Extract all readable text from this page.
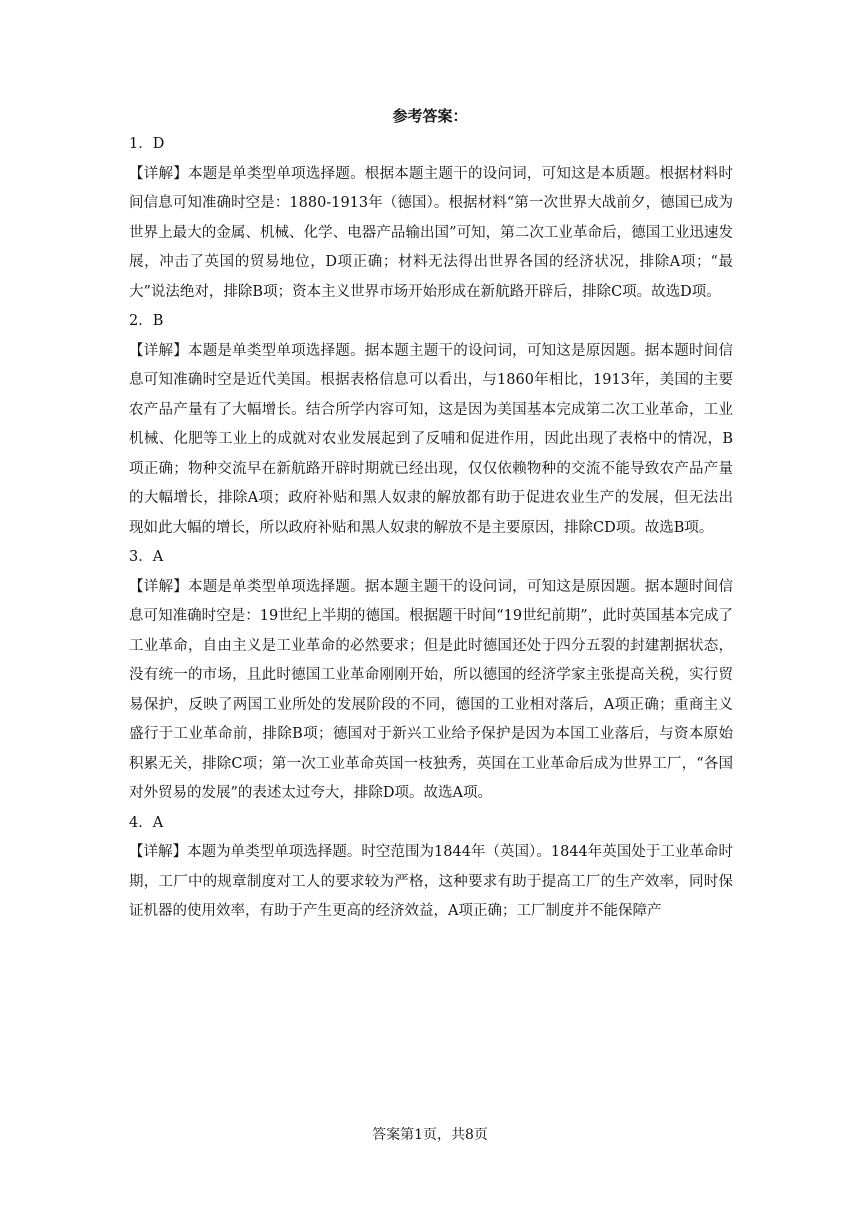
参考答案：

1．D

【详解】本题是单类型单项选择题。根据本题主题干的设问词，可知这是本质题。根据材料时间信息可知准确时空是：1880-1913年（德国）。根据材料“第一次世界大战前夕，德国已成为世界上最大的金属、机械、化学、电器产品输出国”可知，第二次工业革命后，德国工业迅速发展，冲击了英国的贸易地位，D项正确；材料无法得出世界各国的经济状况，排除A项；“最大”说法绝对，排除B项；资本主义世界市场开始形成在新航路开辟后，排除C项。故选D项。

2．B

【详解】本题是单类型单项选择题。据本题主题干的设问词，可知这是原因题。据本题时间信息可知准确时空是近代美国。根据表格信息可以看出，与1860年相比，1913年，美国的主要农产品产量有了大幅增长。结合所学内容可知，这是因为美国基本完成第二次工业革命，工业机械、化肥等工业上的成就对农业发展起到了反哺和促进作用，因此出现了表格中的情况，B项正确；物种交流早在新航路开辟时期就已经出现，仅仅依赖物种的交流不能导致农产品产量的大幅增长，排除A项；政府补贴和黑人奴隶的解放都有助于促进农业生产的发展，但无法出现如此大幅的增长，所以政府补贴和黑人奴隶的解放不是主要原因，排除CD项。故选B项。

3．A

【详解】本题是单类型单项选择题。据本题主题干的设问词，可知这是原因题。据本题时间信息可知准确时空是：19世纪上半期的德国。根据题干时间“19世纪前期”，此时英国基本完成了工业革命，自由主义是工业革命的必然要求；但是此时德国还处于四分五裂的封建割据状态，没有统一的市场，且此时德国工业革命刚刚开始，所以德国的经济学家主张提高关税，实行贸易保护，反映了两国工业所处的发展阶段的不同，德国的工业相对落后，A项正确；重商主义盛行于工业革命前，排除B项；德国对于新兴工业给予保护是因为本国工业落后，与资本原始积累无关，排除C项；第一次工业革命英国一枝独秀，英国在工业革命后成为世界工厂，“各国对外贸易的发展”的表述太过夸大，排除D项。故选A项。

4．A

【详解】本题为单类型单项选择题。时空范围为1844年（英国）。1844年英国处于工业革命时期，工厂中的规章制度对工人的要求较为严格，这种要求有助于提高工厂的生产效率，同时保证机器的使用效率，有助于产生更高的经济效益，A项正确；工厂制度并不能保障产

答案第1页，共8页
